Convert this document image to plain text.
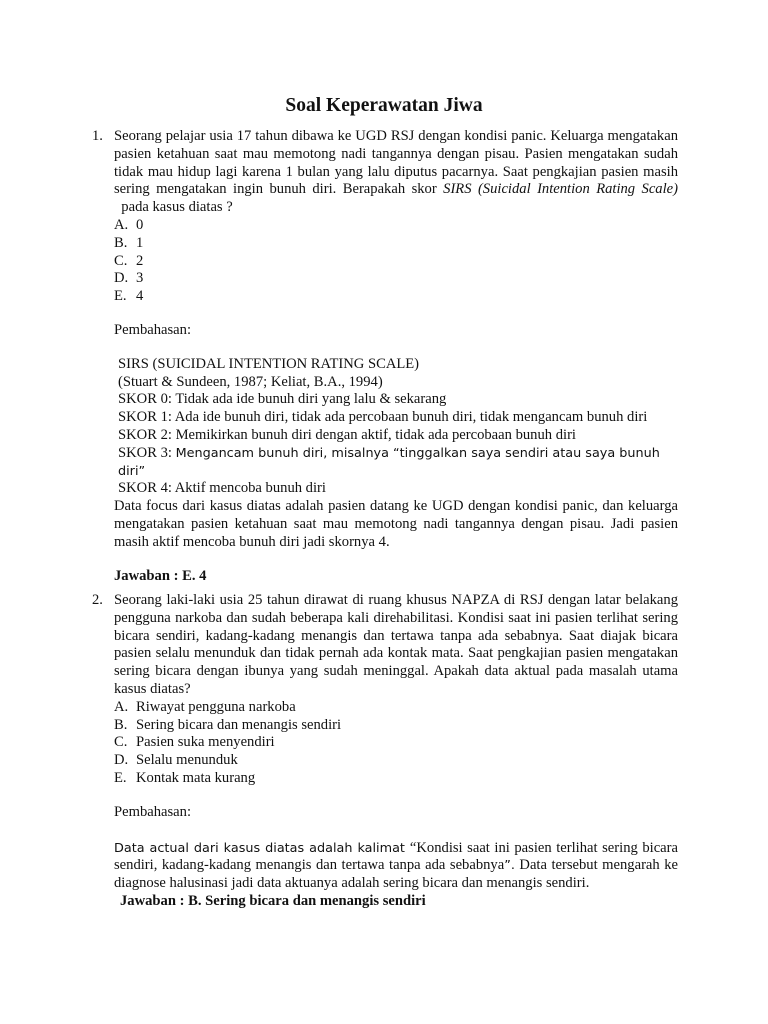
Soal Keperawatan Jiwa
1. Seorang pelajar usia 17 tahun dibawa ke UGD RSJ dengan kondisi panic. Keluarga mengatakan pasien ketahuan saat mau memotong nadi tangannya dengan pisau. Pasien mengatakan sudah tidak mau hidup lagi karena 1 bulan yang lalu diputus pacarnya. Saat pengkajian pasien masih sering mengatakan ingin bunuh diri. Berapakah skor SIRS (Suicidal Intention Rating Scale)  pada kasus diatas ?
A. 0
B. 1
C. 2
D. 3
E. 4
Pembahasan:
SIRS (SUICIDAL INTENTION RATING SCALE)
(Stuart & Sundeen, 1987; Keliat, B.A., 1994)
SKOR 0: Tidak ada ide bunuh diri yang lalu & sekarang
SKOR 1: Ada ide bunuh diri, tidak ada percobaan bunuh diri, tidak mengancam bunuh diri
SKOR 2: Memikirkan bunuh diri dengan aktif, tidak ada percobaan bunuh diri
SKOR 3: Mengancam bunuh diri, misalnya “tinggalkan saya sendiri atau saya bunuh diri”
SKOR 4: Aktif mencoba bunuh diri
Data focus dari kasus diatas adalah pasien datang ke UGD dengan kondisi panic, dan keluarga mengatakan pasien ketahuan saat mau memotong nadi tangannya dengan pisau. Jadi pasien masih aktif mencoba bunuh diri jadi skornya 4.
Jawaban : E. 4
2. Seorang laki-laki usia 25 tahun dirawat di ruang khusus NAPZA di RSJ dengan latar belakang pengguna narkoba dan sudah beberapa kali direhabilitasi. Kondisi saat ini pasien terlihat sering bicara sendiri, kadang-kadang menangis dan tertawa tanpa ada sebabnya. Saat diajak bicara pasien selalu menunduk dan tidak pernah ada kontak mata. Saat pengkajian pasien mengatakan sering bicara dengan ibunya yang sudah meninggal. Apakah data aktual pada masalah utama kasus diatas?
A. Riwayat pengguna narkoba
B. Sering bicara dan menangis sendiri
C. Pasien suka menyendiri
D. Selalu menunduk
E. Kontak mata kurang
Pembahasan:
Data actual dari kasus diatas adalah kalimat “Kondisi saat ini pasien terlihat sering bicara sendiri, kadang-kadang menangis dan tertawa tanpa ada sebabnya”. Data tersebut mengarah ke diagnose halusinasi jadi data aktuanya adalah sering bicara dan menangis sendiri.
Jawaban : B. Sering bicara dan menangis sendiri
